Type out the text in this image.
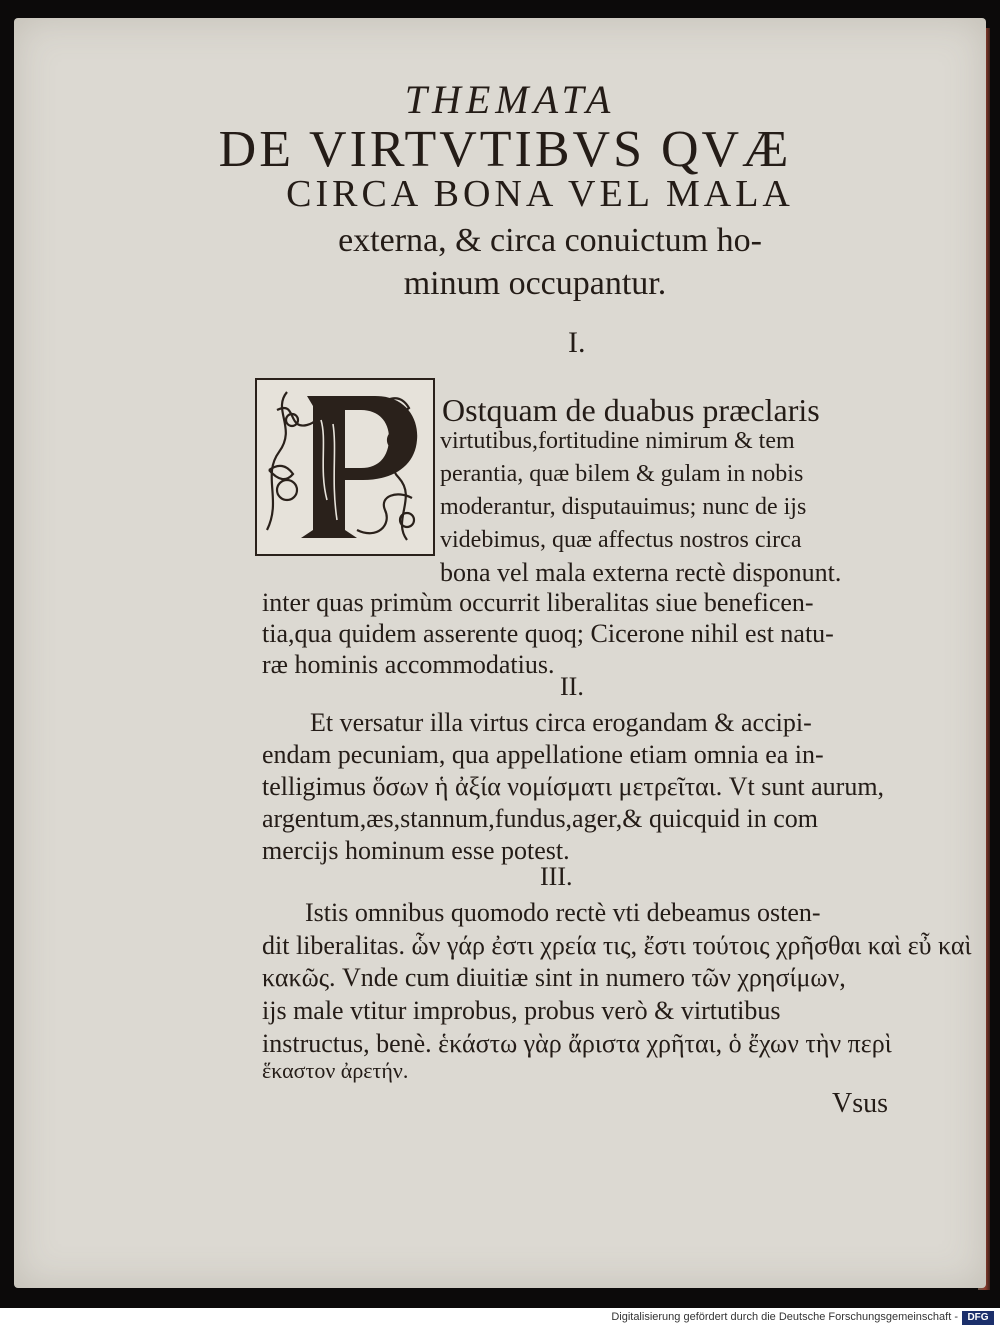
THEMATA
DE VIRTVTIBVS QVÆ
CIRCA BONA VEL MALA
externa, & circa conuictum ho-
minum occupantur.
I.
Ostquam de duabus præclaris
virtutibus,fortitudine nimirum & tem
perantia, quæ bilem & gulam in nobis
moderantur, disputauimus; nunc de ijs
videbimus, quæ affectus nostros circa
bona vel mala externa rectè disponunt.
inter quas primùm occurrit liberalitas siue beneficen-
tia,qua quidem asserente quoq; Cicerone nihil est natu-
ræ hominis accommodatius.
II.
Et versatur illa virtus circa erogandam & accipi-
endam pecuniam, qua appellatione etiam omnia ea in-
telligimus ὅσων ἡ ἀξία νομίσματι μετρεῖται. Vt sunt aurum,
argentum,æs,stannum,fundus,ager,& quicquid in com
mercijs hominum esse potest.
III.
Istis omnibus quomodo rectè vti debeamus osten-
dit liberalitas. ὧν γάρ ἐστι χρεία τις, ἔστι τούτοις χρῆσθαι καὶ εὖ καὶ
κακῶς. Vnde cum diuitiæ sint in numero τῶν χρησίμων,
ijs male vtitur improbus, probus verò & virtutibus
instructus, benè. ἑκάστω γὰρ ἄριστα χρῆται, ὁ ἔχων τὴν περὶ
ἕκαστον ἀρετήν.
Vsus
Digitalisierung gefördert durch die Deutsche Forschungsgemeinschaft - DFG
